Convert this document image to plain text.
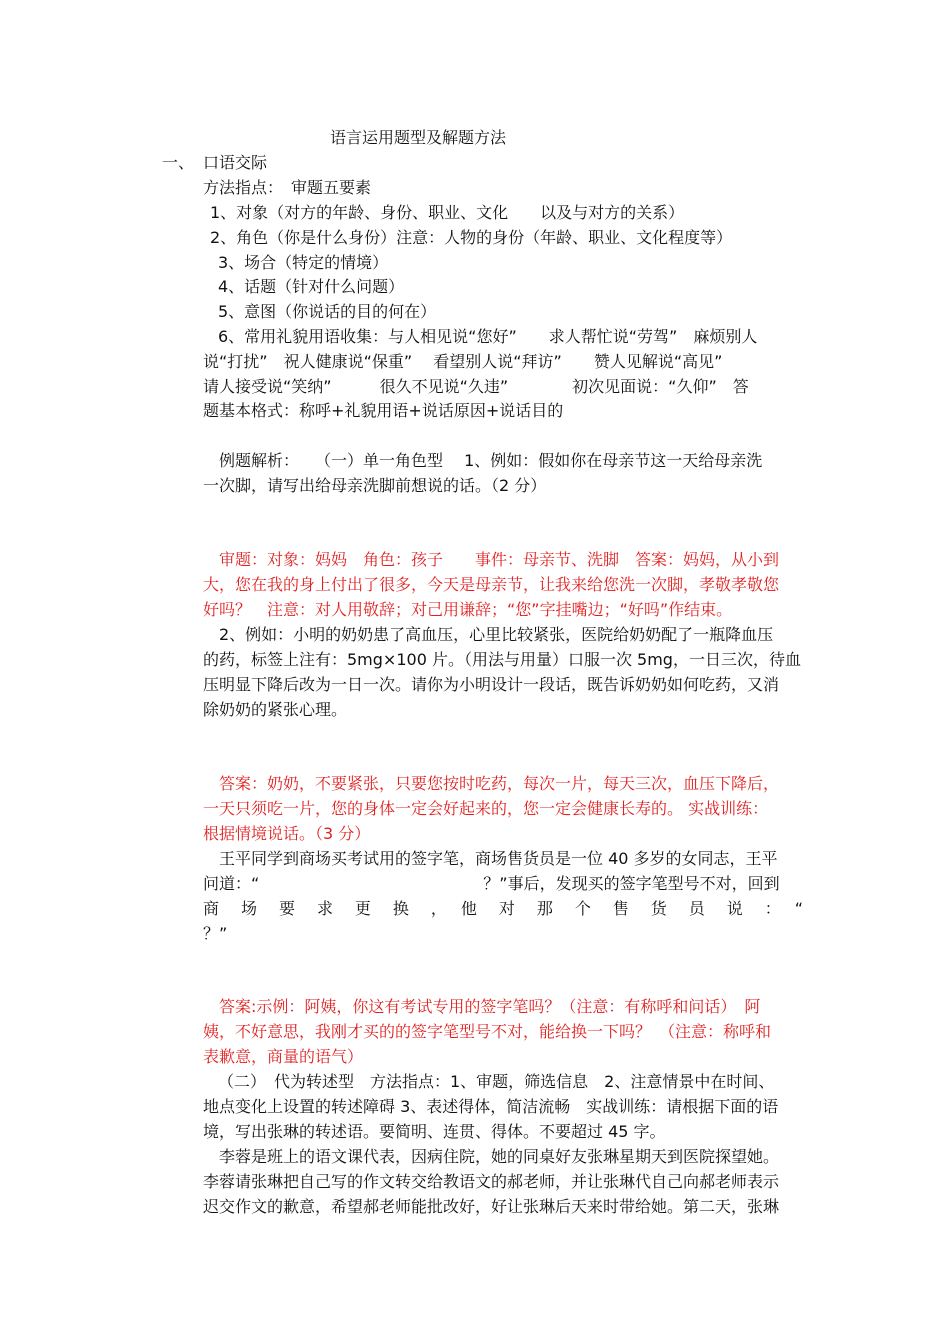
语言运用题型及解题方法
一、 口语交际
方法指点：　审题五要素
1、对象（对方的年龄、身份、职业、文化　　以及与对方的关系）
2、角色（你是什么身份）注意：人物的身份（年龄、职业、文化程度等）
3、场合（特定的情境）
4、话题（针对什么问题）
5、意图（你说话的目的何在）
6、常用礼貌用语收集：与人相见说“您好”　　求人帮忙说“劳驾”　麻烦别人
说“打扰”　祝人健康说“保重”　 看望别人说“拜访”　　赞人见解说“高见”
请人接受说“笑纳”　　　很久不见说“久违”　　　　初次见面说：“久仰”　答
题基本格式：称呼+礼貌用语+说话原因+说话目的
　例题解析：　　（一）单一角色型　 1、例如：假如你在母亲节这一天给母亲洗
一次脚，请写出给母亲洗脚前想说的话。（2 分）
　审题：对象：妈妈　角色：孩子　　事件：母亲节、洗脚　答案：妈妈，从小到
大，您在我的身上付出了很多，今天是母亲节，让我来给您洗一次脚，孝敬孝敬您
好吗？　注意：对人用敬辞；对己用谦辞；“您”字挂嘴边；“好吗”作结束。
　2、例如：小明的奶奶患了高血压，心里比较紧张，医院给奶奶配了一瓶降血压
的药，标签上注有：5mg×100 片。（用法与用量）口服一次 5mg，一日三次，待血
压明显下降后改为一日一次。请你为小明设计一段话，既告诉奶奶如何吃药，又消
除奶奶的紧张心理。
　答案：奶奶，不要紧张，只要您按时吃药，每次一片，每天三次，血压下降后，
一天只须吃一片，您的身体一定会好起来的，您一定会健康长寿的。 实战训练：
根据情境说话。（3 分）
　王平同学到商场买考试用的签字笔，商场售货员是一位 40 多岁的女同志，王平
问道：“　　　　　　　　　　　　　　？”事后，发现买的签字笔型号不对，回到
商　场　要　求　更　换　，　他　对　那　个　售　货　员　说　：　“
？”
　答案:示例：阿姨，你这有考试专用的签字笔吗？（注意：有称呼和问话）　阿
姨，不好意思，我刚才买的的签字笔型号不对，能给换一下吗？　（注意：称呼和
表歉意，商量的语气）
（二）　代为转述型　方法指点：1、审题，筛选信息　2、注意情景中在时间、
地点变化上设置的转述障碍 3、表述得体，简洁流畅　实战训练：请根据下面的语
境，写出张琳的转述语。要简明、连贯、得体。不要超过 45 字。
　李蓉是班上的语文课代表，因病住院，她的同桌好友张琳星期天到医院探望她。
李蓉请张琳把自己写的作文转交给教语文的郝老师，并让张琳代自己向郝老师表示
迟交作文的歉意，希望郝老师能批改好，好让张琳后天来时带给她。第二天，张琳
